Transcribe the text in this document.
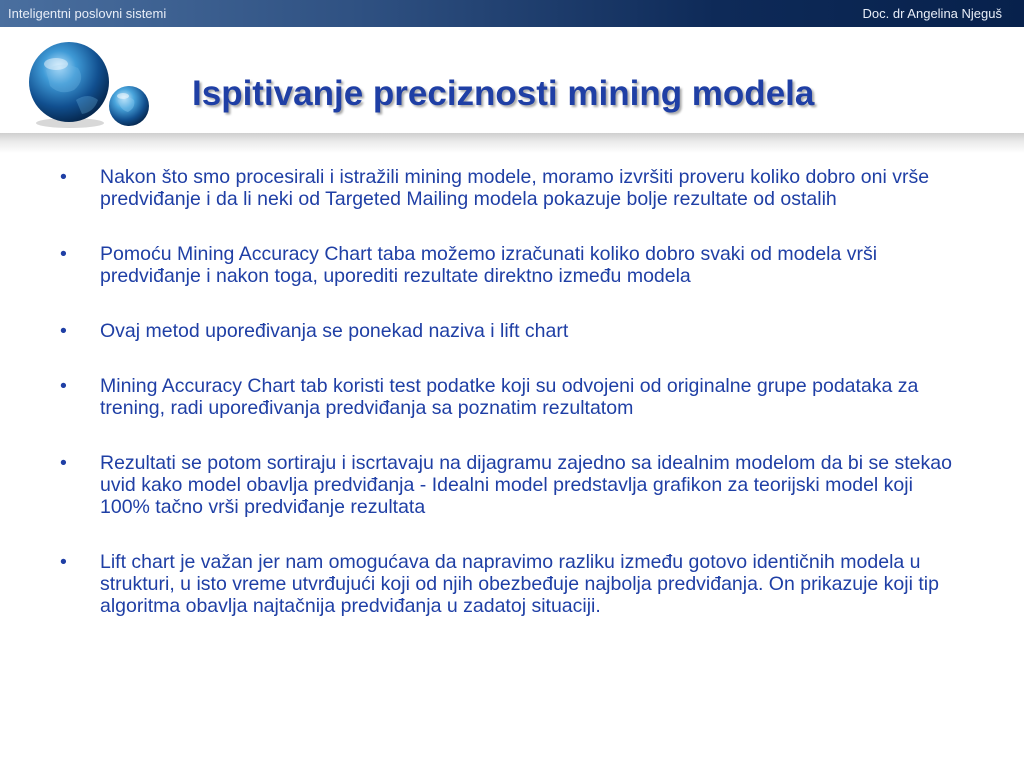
Inteligentni poslovni sistemi	Doc. dr Angelina Njeguš
Ispitivanje preciznosti mining modela
• Nakon što smo procesirali i istražili mining modele, moramo izvršiti proveru koliko dobro oni vrše predviđanje i da li neki od Targeted Mailing modela pokazuje bolje rezultate od ostalih
• Pomoću Mining Accuracy Chart taba možemo izračunati koliko dobro svaki od modela vrši predviđanje i nakon toga, uporediti rezultate direktno između modela
• Ovaj metod upoređivanja se ponekad naziva i lift chart
• Mining Accuracy Chart tab koristi test podatke koji su odvojeni od originalne grupe podataka za trening, radi upoređivanja predviđanja sa poznatim rezultatom
• Rezultati se potom sortiraju i iscrtavaju na dijagramu zajedno sa idealnim modelom da bi se stekao uvid kako model obavlja predviđanja - Idealni model predstavlja grafikon za teorijski model koji 100% tačno vrši predviđanje rezultata
• Lift chart je važan jer nam omogućava da napravimo razliku između gotovo identičnih modela u strukturi, u isto vreme utvrđujući koji od njih obezbeđuje najbolja predviđanja. On prikazuje koji tip algoritma obavlja najtačnija predviđanja u zadatoj situaciji.
